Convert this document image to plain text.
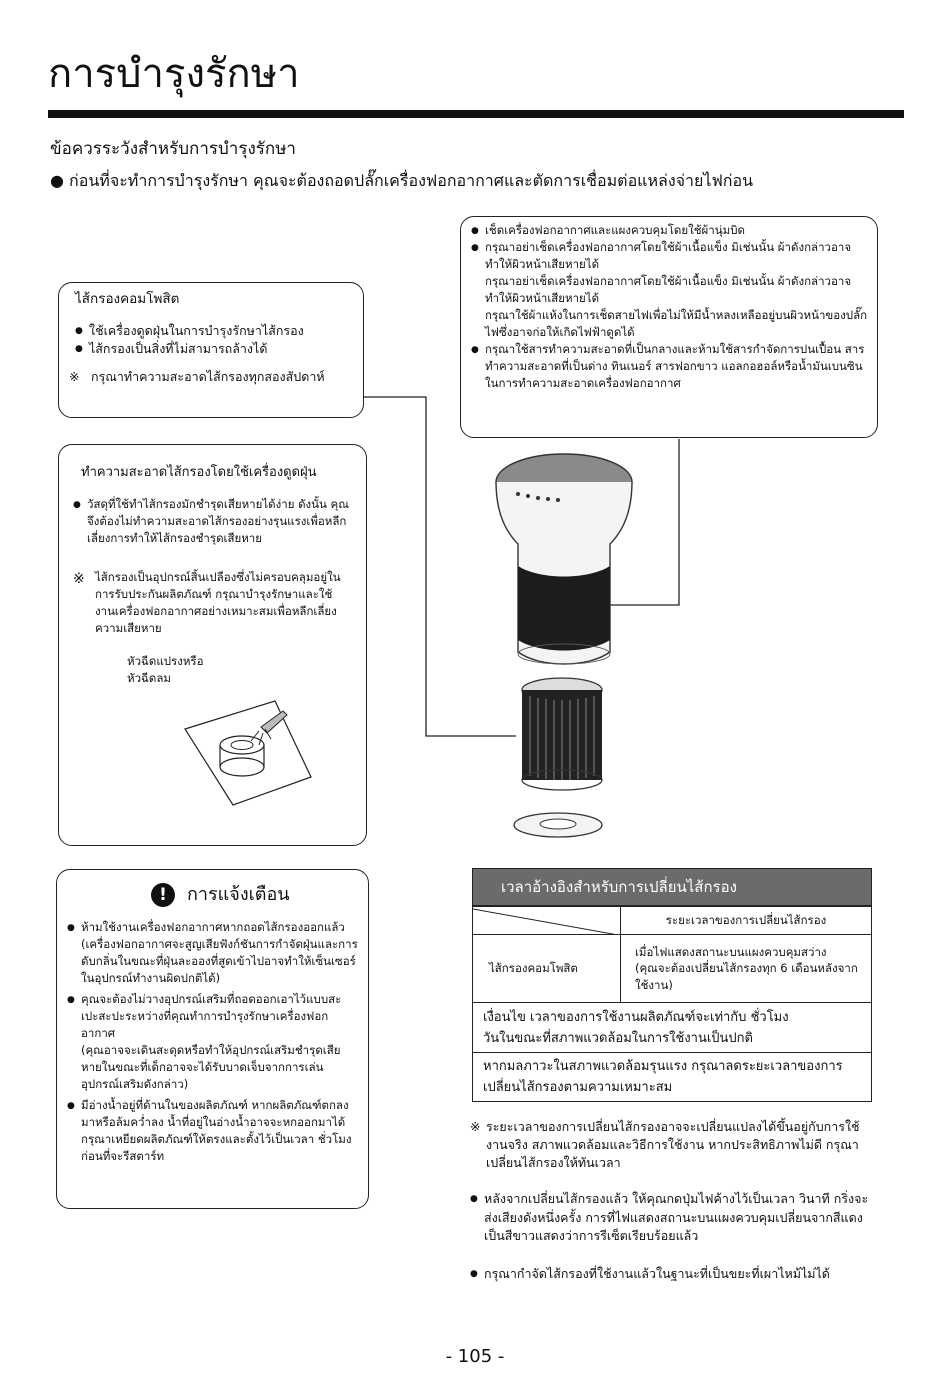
การบำรุงรักษา
ข้อควรระวังสำหรับการบำรุงรักษา
● ก่อนที่จะทำการบำรุงรักษา คุณจะต้องถอดปลั๊กเครื่องฟอกอากาศและตัดการเชื่อมต่อแหล่งจ่ายไฟก่อน
● เช็ดเครื่องฟอกอากาศและแผงควบคุมโดยใช้ผ้านุ่มบิด
● กรุณาอย่าเช็ดเครื่องฟอกอากาศโดยใช้ผ้าเนื้อแข็ง มิเช่นนั้น ผ้าดังกล่าวอาจทำให้ผิวหน้าเสียหายได้
กรุณาอย่าเช็ดเครื่องฟอกอากาศโดยใช้ผ้าเนื้อแข็ง มิเช่นนั้น ผ้าดังกล่าวอาจทำให้ผิวหน้าเสียหายได้
กรุณาใช้ผ้าแห้งในการเช็ดสายไฟเพื่อไม่ให้มีน้ำหลงเหลืออยู่บนผิวหน้าของปลั๊กไฟซึ่งอาจก่อให้เกิดไฟฟ้าดูดได้
● กรุณาใช้สารทำความสะอาดที่เป็นกลางและห้ามใช้สารกำจัดการปนเปื้อน สารทำความสะอาดที่เป็นด่าง ทินเนอร์ สารฟอกขาว แอลกอฮอล์หรือน้ำมันเบนซินในการทำความสะอาดเครื่องฟอกอากาศ
ไส้กรองคอมโพสิต
● ใช้เครื่องดูดฝุ่นในการบำรุงรักษาไส้กรอง
● ไส้กรองเป็นสิ่งที่ไม่สามารถล้างได้
※ กรุณาทำความสะอาดไส้กรองทุกสองสัปดาห์
ทำความสะอาดไส้กรองโดยใช้เครื่องดูดฝุ่น
● วัสดุที่ใช้ทำไส้กรองมักชำรุดเสียหายได้ง่าย ดังนั้น คุณจึงต้องไม่ทำความสะอาดไส้กรองอย่างรุนแรงเพื่อหลีกเลี่ยงการทำให้ไส้กรองชำรุดเสียหาย
※ ไส้กรองเป็นอุปกรณ์สิ้นเปลืองซึ่งไม่ครอบคลุมอยู่ในการรับประกันผลิตภัณฑ์ กรุณาบำรุงรักษาและใช้งานเครื่องฟอกอากาศอย่างเหมาะสมเพื่อหลีกเลี่ยงความเสียหาย
หัวฉีดแปรงหรือ
หัวฉีดลม
!	การแจ้งเตือน
● ห้ามใช้งานเครื่องฟอกอากาศหากถอดไส้กรองออกแล้ว
(เครื่องฟอกอากาศจะสูญเสียฟังก์ชันการกำจัดฝุ่นและการดับกลิ่นในขณะที่ฝุ่นละอองที่สูดเข้าไปอาจทำให้เซ็นเซอร์ในอุปกรณ์ทำงานผิดปกติได้)
● คุณจะต้องไม่วางอุปกรณ์เสริมที่ถอดออกเอาไว้แบบสะเปะสะปะระหว่างที่คุณทำการบำรุงรักษาเครื่องฟอกอากาศ
(คุณอาจจะเดินสะดุดหรือทำให้อุปกรณ์เสริมชำรุดเสียหายในขณะที่เด็กอาจจะได้รับบาดเจ็บจากการเล่นอุปกรณ์เสริมดังกล่าว)
● มีอ่างน้ำอยู่ที่ด้านในของผลิตภัณฑ์ หากผลิตภัณฑ์ตกลงมาหรือล้มคว่ำลง น้ำที่อยู่ในอ่างน้ำอาจจะหกออกมาได้ กรุณาเหยียดผลิตภัณฑ์ให้ตรงและตั้งไว้เป็นเวลา ชั่วโมงก่อนที่จะรีสตาร์ท
เวลาอ้างอิงสำหรับการเปลี่ยนไส้กรอง
	ระยะเวลาของการเปลี่ยนไส้กรอง
ไส้กรองคอมโพสิต	เมื่อไฟแสดงสถานะบนแผงควบคุมสว่าง
(คุณจะต้องเปลี่ยนไส้กรองทุก 6 เดือนหลังจากใช้งาน)
เงื่อนไข เวลาของการใช้งานผลิตภัณฑ์จะเท่ากับ ชั่วโมง
วันในขณะที่สภาพแวดล้อมในการใช้งานเป็นปกติ
หากมลภาวะในสภาพแวดล้อมรุนแรง กรุณาลดระยะเวลาของการเปลี่ยนไส้กรองตามความเหมาะสม
※ ระยะเวลาของการเปลี่ยนไส้กรองอาจจะเปลี่ยนแปลงได้ขึ้นอยู่กับการใช้งานจริง สภาพแวดล้อมและวิธีการใช้งาน หากประสิทธิภาพไม่ดี กรุณาเปลี่ยนไส้กรองให้ทันเวลา
● หลังจากเปลี่ยนไส้กรองแล้ว ให้คุณกดปุ่มไฟค้างไว้เป็นเวลา วินาที กริ่งจะส่งเสียงดังหนึ่งครั้ง การที่ไฟแสดงสถานะบนแผงควบคุมเปลี่ยนจากสีแดงเป็นสีขาวแสดงว่าการรีเซ็ตเรียบร้อยแล้ว
● กรุณากำจัดไส้กรองที่ใช้งานแล้วในฐานะที่เป็นขยะที่เผาไหม้ไม่ได้
- 105 -
